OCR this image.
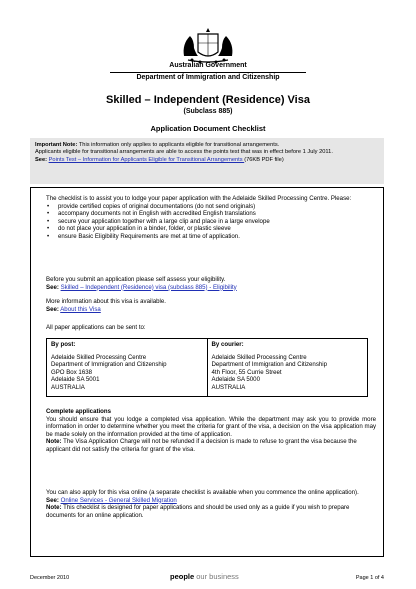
Australian Government
Department of Immigration and Citizenship
Skilled – Independent (Residence) Visa
(Subclass 885)
Application Document Checklist
Important Note: This information only applies to applicants eligible for transitional arrangements.
Applicants eligible for transitional arrangements are able to access the points test that was in effect before 1 July 2011.
See: Points Test – Information for Applicants Eligible for Transitional Arrangements (76KB PDF file)

The checklist is to assist you to lodge your paper application with the Adelaide Skilled Processing Centre. Please:

• provide certified copies of original documentations (do not send originals)
• accompany documents not in English with accredited English translations
• secure your application together with a large clip and place in a large envelope
• do not place your application in a binder, folder, or plastic sleeve
• ensure Basic Eligibility Requirements are met at time of application.

Before you submit an application please self assess your eligibility.

See: Skilled – Independent (Residence) visa (subclass 885) - Eligibility

More information about this visa is available.

See: About this Visa

All paper applications can be sent to:
By post:

Adelaide Skilled Processing Centre
Department of Immigration and Citizenship
GPO Box 1638
Adelaide SA 5001
AUSTRALIA	By courier:

Adelaide Skilled Processing Centre
Department of Immigration and Citizenship
4th Floor, 55 Currie Street
Adelaide SA 5000
AUSTRALIA

Complete applications

You should ensure that you lodge a completed visa application. While the department may ask you to provide more information in order to determine whether you meet the criteria for grant of the visa, a decision on the visa application may be made solely on the information provided at the time of application.

Note: The Visa Application Charge will not be refunded if a decision is made to refuse to grant the visa because the applicant did not satisfy the criteria for grant of the visa.

You can also apply for this visa online (a separate checklist is available when you commence the online application).

See: Online Services - General Skilled Migration

Note: This checklist is designed for paper applications and should be used only as a guide if you wish to prepare documents for an online application.

December 2010	people our business	Page 1 of 4
